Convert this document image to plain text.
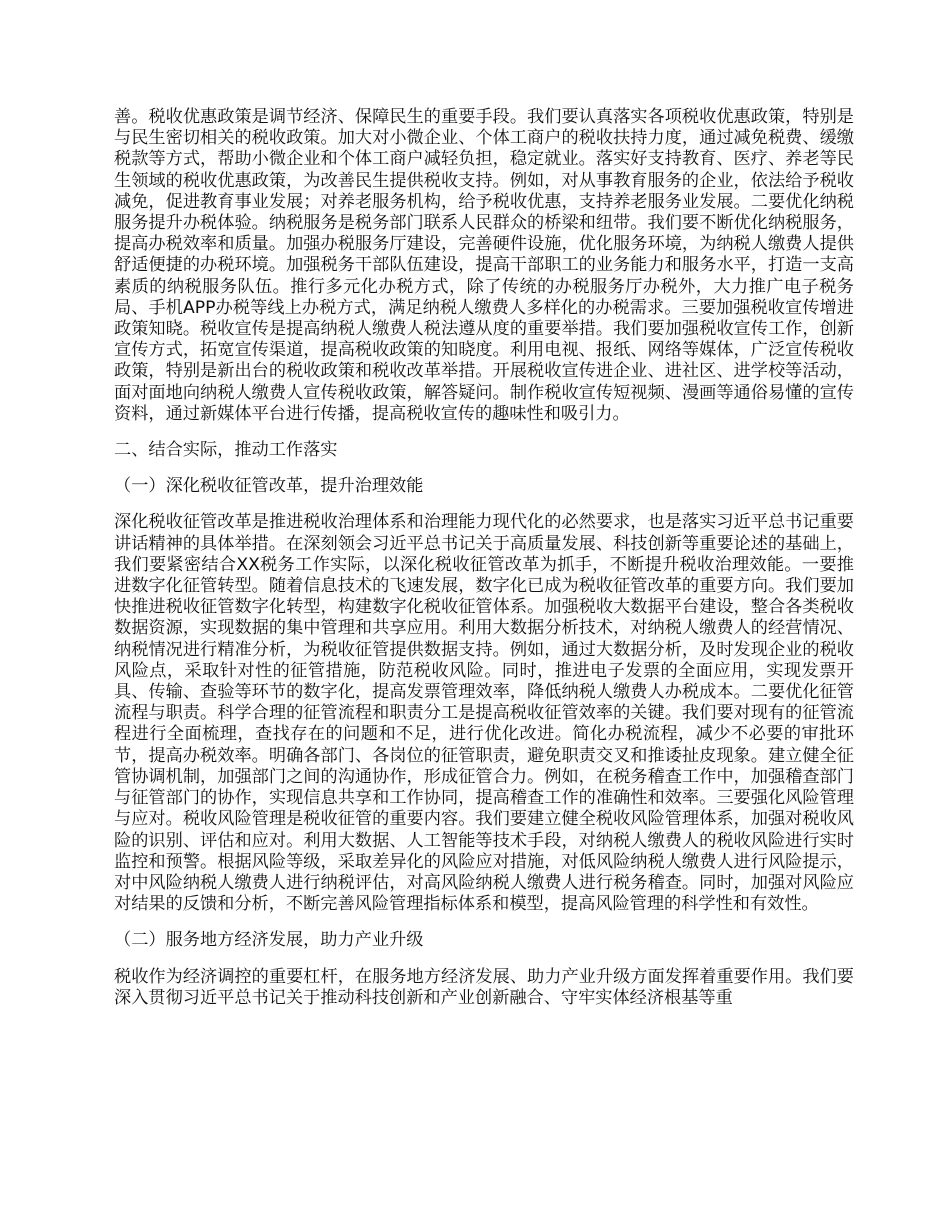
善。税收优惠政策是调节经济、保障民生的重要手段。我们要认真落实各项税收优惠政策，特别是与民生密切相关的税收政策。加大对小微企业、个体工商户的税收扶持力度，通过减免税费、缓缴税款等方式，帮助小微企业和个体工商户减轻负担，稳定就业。落实好支持教育、医疗、养老等民生领域的税收优惠政策，为改善民生提供税收支持。例如，对从事教育服务的企业，依法给予税收减免，促进教育事业发展；对养老服务机构，给予税收优惠，支持养老服务业发展。二要优化纳税服务提升办税体验。纳税服务是税务部门联系人民群众的桥梁和纽带。我们要不断优化纳税服务，提高办税效率和质量。加强办税服务厅建设，完善硬件设施，优化服务环境，为纳税人缴费人提供舒适便捷的办税环境。加强税务干部队伍建设，提高干部职工的业务能力和服务水平，打造一支高素质的纳税服务队伍。推行多元化办税方式，除了传统的办税服务厅办税外，大力推广电子税务局、手机APP办税等线上办税方式，满足纳税人缴费人多样化的办税需求。三要加强税收宣传增进政策知晓。税收宣传是提高纳税人缴费人税法遵从度的重要举措。我们要加强税收宣传工作，创新宣传方式，拓宽宣传渠道，提高税收政策的知晓度。利用电视、报纸、网络等媒体，广泛宣传税收政策，特别是新出台的税收政策和税收改革举措。开展税收宣传进企业、进社区、进学校等活动，面对面地向纳税人缴费人宣传税收政策，解答疑问。制作税收宣传短视频、漫画等通俗易懂的宣传资料，通过新媒体平台进行传播，提高税收宣传的趣味性和吸引力。

二、结合实际，推动工作落实

（一）深化税收征管改革，提升治理效能

深化税收征管改革是推进税收治理体系和治理能力现代化的必然要求，也是落实习近平总书记重要讲话精神的具体举措。在深刻领会习近平总书记关于高质量发展、科技创新等重要论述的基础上，我们要紧密结合XX税务工作实际，以深化税收征管改革为抓手，不断提升税收治理效能。一要推进数字化征管转型。随着信息技术的飞速发展，数字化已成为税收征管改革的重要方向。我们要加快推进税收征管数字化转型，构建数字化税收征管体系。加强税收大数据平台建设，整合各类税收数据资源，实现数据的集中管理和共享应用。利用大数据分析技术，对纳税人缴费人的经营情况、纳税情况进行精准分析，为税收征管提供数据支持。例如，通过大数据分析，及时发现企业的税收风险点，采取针对性的征管措施，防范税收风险。同时，推进电子发票的全面应用，实现发票开具、传输、查验等环节的数字化，提高发票管理效率，降低纳税人缴费人办税成本。二要优化征管流程与职责。科学合理的征管流程和职责分工是提高税收征管效率的关键。我们要对现有的征管流程进行全面梳理，查找存在的问题和不足，进行优化改进。简化办税流程，减少不必要的审批环节，提高办税效率。明确各部门、各岗位的征管职责，避免职责交叉和推诿扯皮现象。建立健全征管协调机制，加强部门之间的沟通协作，形成征管合力。例如，在税务稽查工作中，加强稽查部门与征管部门的协作，实现信息共享和工作协同，提高稽查工作的准确性和效率。三要强化风险管理与应对。税收风险管理是税收征管的重要内容。我们要建立健全税收风险管理体系，加强对税收风险的识别、评估和应对。利用大数据、人工智能等技术手段，对纳税人缴费人的税收风险进行实时监控和预警。根据风险等级，采取差异化的风险应对措施，对低风险纳税人缴费人进行风险提示，对中风险纳税人缴费人进行纳税评估，对高风险纳税人缴费人进行税务稽查。同时，加强对风险应对结果的反馈和分析，不断完善风险管理指标体系和模型，提高风险管理的科学性和有效性。

（二）服务地方经济发展，助力产业升级

税收作为经济调控的重要杠杆，在服务地方经济发展、助力产业升级方面发挥着重要作用。我们要深入贯彻习近平总书记关于推动科技创新和产业创新融合、守牢实体经济根基等重
